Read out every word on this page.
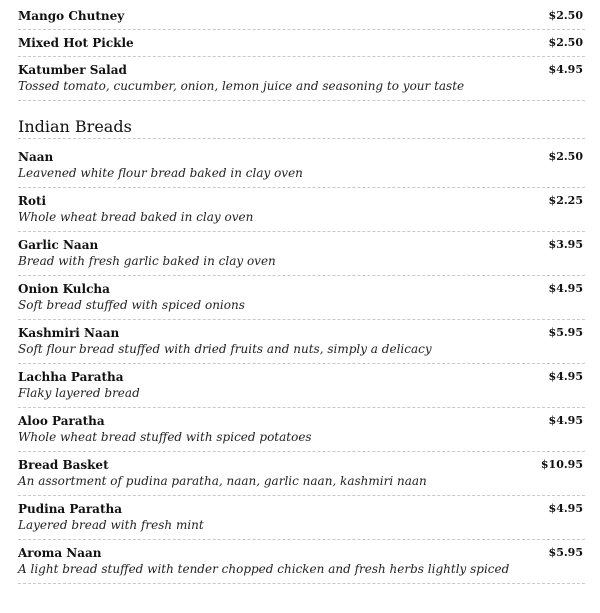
Mango Chutney	$2.50
Mixed Hot Pickle	$2.50
Katumber Salad	$4.95
Tossed tomato, cucumber, onion, lemon juice and seasoning to your taste
Indian Breads
Naan	$2.50
Leavened white flour bread baked in clay oven
Roti	$2.25
Whole wheat bread baked in clay oven
Garlic Naan	$3.95
Bread with fresh garlic baked in clay oven
Onion Kulcha	$4.95
Soft bread stuffed with spiced onions
Kashmiri Naan	$5.95
Soft flour bread stuffed with dried fruits and nuts, simply a delicacy
Lachha Paratha	$4.95
Flaky layered bread
Aloo Paratha	$4.95
Whole wheat bread stuffed with spiced potatoes
Bread Basket	$10.95
An assortment of pudina paratha, naan, garlic naan, kashmiri naan
Pudina Paratha	$4.95
Layered bread with fresh mint
Aroma Naan	$5.95
A light bread stuffed with tender chopped chicken and fresh herbs lightly spiced
